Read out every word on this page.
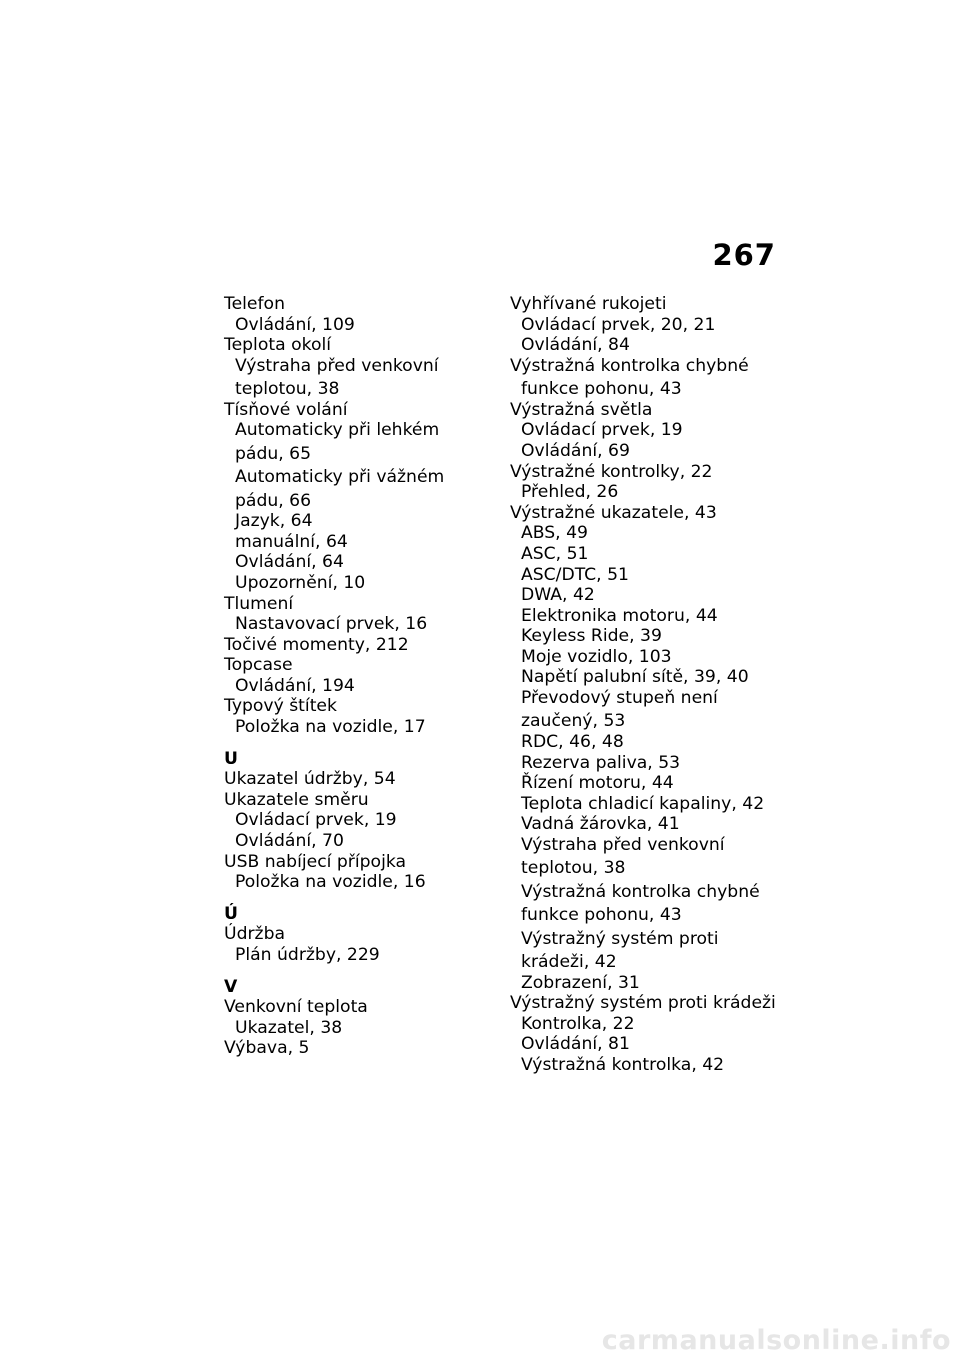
267
Telefon
Ovládání, 109
Teplota okolí
Výstraha před venkovní
teplotou, 38
Tísňové volání
Automaticky při lehkém
pádu, 65
Automaticky při vážném
pádu, 66
Jazyk, 64
manuální, 64
Ovládání, 64
Upozornění, 10
Tlumení
Nastavovací prvek, 16
Točivé momenty, 212
Topcase
Ovládání, 194
Typový štítek
Položka na vozidle, 17
U
Ukazatel údržby, 54
Ukazatele směru
Ovládací prvek, 19
Ovládání, 70
USB nabíjecí přípojka
Položka na vozidle, 16
Ú
Údržba
Plán údržby, 229
V
Venkovní teplota
Ukazatel, 38
Výbava, 5
Vyhřívané rukojeti
Ovládací prvek, 20, 21
Ovládání, 84
Výstražná kontrolka chybné
funkce pohonu, 43
Výstražná světla
Ovládací prvek, 19
Ovládání, 69
Výstražné kontrolky, 22
Přehled, 26
Výstražné ukazatele, 43
ABS, 49
ASC, 51
ASC/DTC, 51
DWA, 42
Elektronika motoru, 44
Keyless Ride, 39
Moje vozidlo, 103
Napětí palubní sítě, 39, 40
Převodový stupeň není
zaučený, 53
RDC, 46, 48
Rezerva paliva, 53
Řízení motoru, 44
Teplota chladicí kapaliny, 42
Vadná žárovka, 41
Výstraha před venkovní
teplotou, 38
Výstražná kontrolka chybné
funkce pohonu, 43
Výstražný systém proti
krádeži, 42
Zobrazení, 31
Výstražný systém proti krádeži
Kontrolka, 22
Ovládání, 81
Výstražná kontrolka, 42
carmanualsonline.info
